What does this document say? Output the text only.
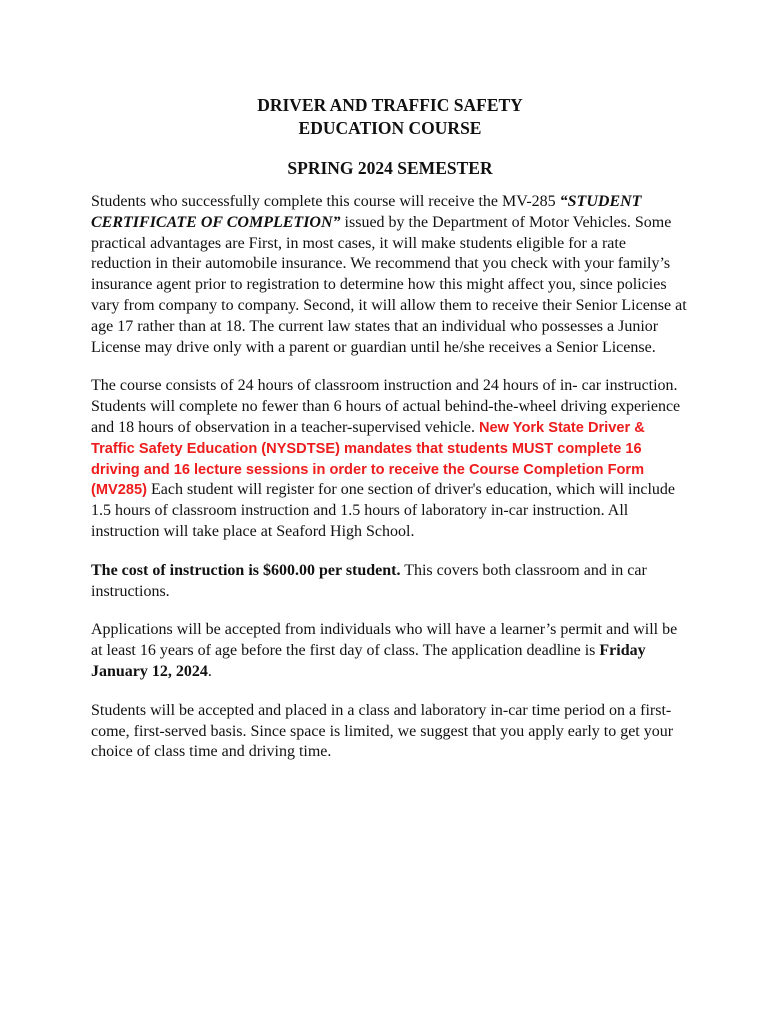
DRIVER AND TRAFFIC SAFETY
EDUCATION COURSE
SPRING 2024 SEMESTER

Students who successfully complete this course will receive the MV-285 “STUDENT CERTIFICATE OF COMPLETION” issued by the Department of Motor Vehicles. Some practical advantages are First, in most cases, it will make students eligible for a rate reduction in their automobile insurance. We recommend that you check with your family’s insurance agent prior to registration to determine how this might affect you, since policies vary from company to company. Second, it will allow them to receive their Senior License at age 17 rather than at 18. The current law states that an individual who possesses a Junior License may drive only with a parent or guardian until he/she receives a Senior License.

The course consists of 24 hours of classroom instruction and 24 hours of in- car instruction. Students will complete no fewer than 6 hours of actual behind-the-wheel driving experience and 18 hours of observation in a teacher-supervised vehicle. New York State Driver & Traffic Safety Education (NYSDTSE) mandates that students MUST complete 16 driving and 16 lecture sessions in order to receive the Course Completion Form (MV285) Each student will register for one section of driver's education, which will include 1.5 hours of classroom instruction and 1.5 hours of laboratory in-car instruction. All instruction will take place at Seaford High School.

The cost of instruction is $600.00 per student. This covers both classroom and in car instructions.

Applications will be accepted from individuals who will have a learner’s permit and will be at least 16 years of age before the first day of class. The application deadline is Friday January 12, 2024.

Students will be accepted and placed in a class and laboratory in-car time period on a first-come, first-served basis. Since space is limited, we suggest that you apply early to get your choice of class time and driving time.
